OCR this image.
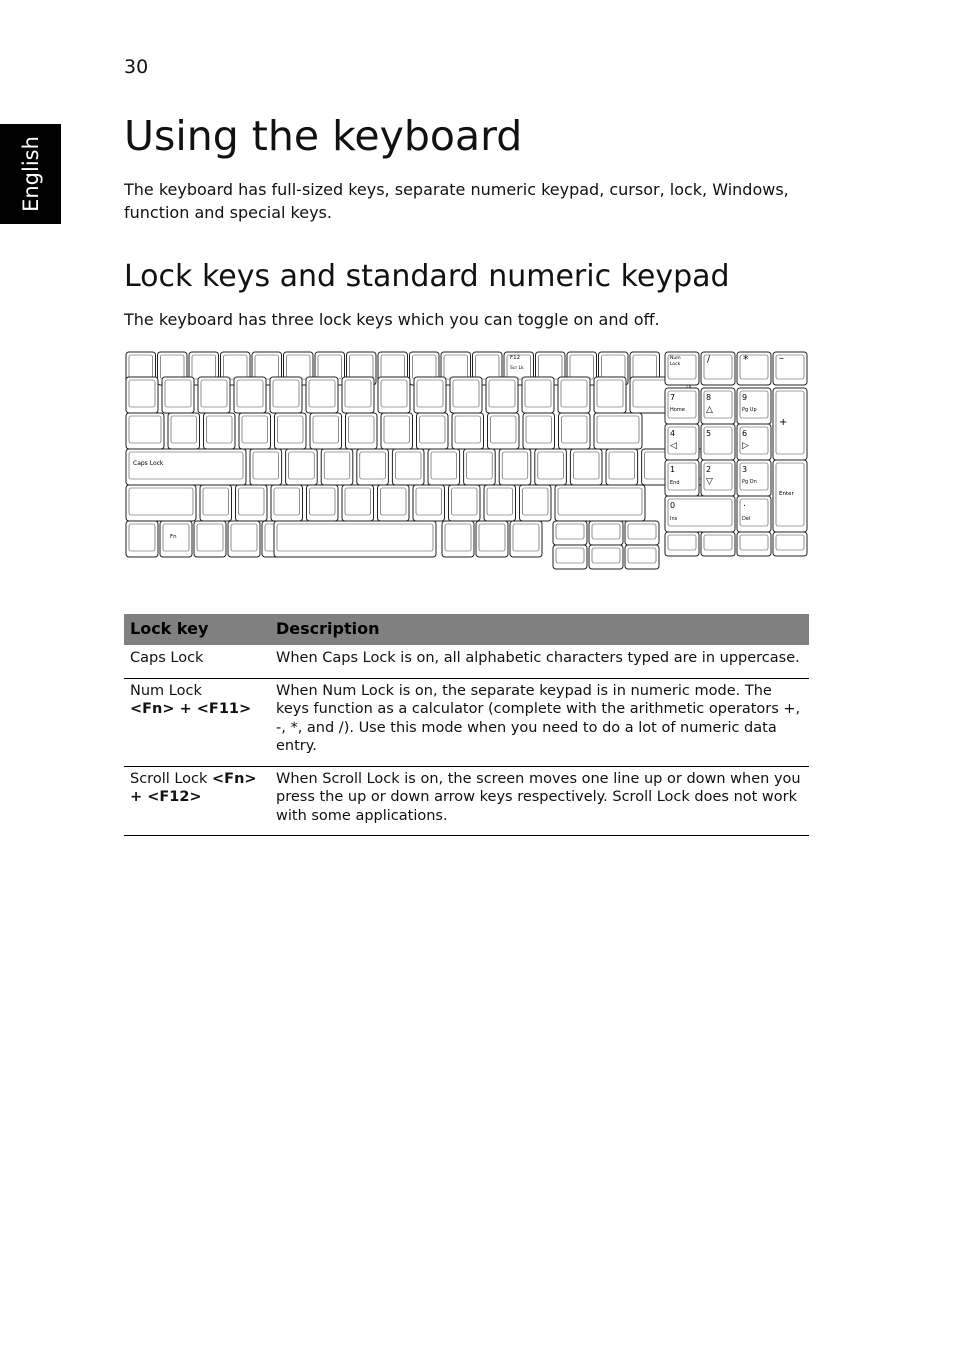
30
English
Using the keyboard

The keyboard has full-sized keys, separate numeric keypad, cursor, lock, Windows, function and special keys.

Lock keys and standard numeric keypad

The keyboard has three lock keys which you can toggle on and off.

Caps Lock
Fn
F12
Scr Lk
Num
Lock	/	*	–
+
Enter
7
Home
8
△
9
Pg Up
4
◁
5	6
▷
1
End
2
▽
3
Pg Dn
0
Ins
.
Del
Lock key	Description
Caps Lock	When Caps Lock is on, all alphabetic characters typed are in uppercase.
Num Lock
<Fn> + <F11>	When Num Lock is on, the separate keypad is in numeric mode. The keys function as a calculator (complete with the arithmetic operators +, -, *, and /). Use this mode when you need to do a lot of numeric data entry.
Scroll Lock <Fn> + <F12>	When Scroll Lock is on, the screen moves one line up or down when you press the up or down arrow keys respectively. Scroll Lock does not work with some applications.
